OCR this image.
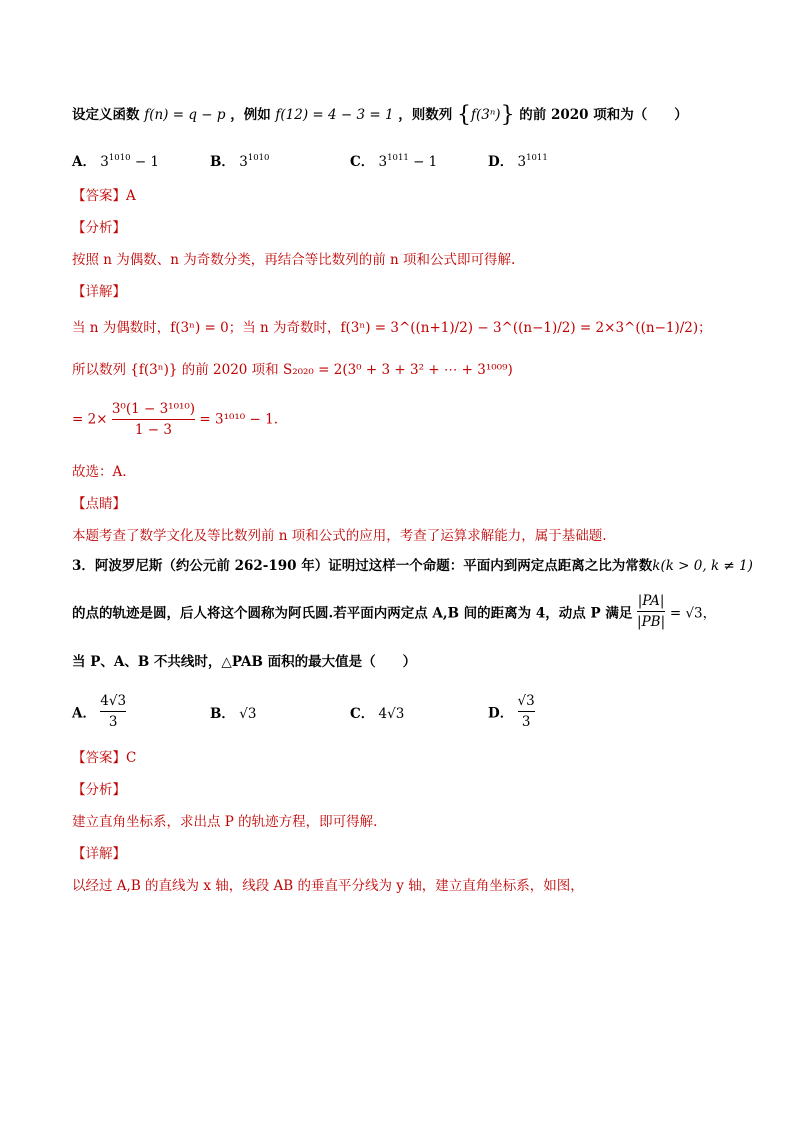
设定义函数 f(n) = q − p ，例如 f(12) = 4 − 3 = 1 ，则数列 {f(3ⁿ)} 的前 2020 项和为（　　）
A． $3^{1010} - 1$	B． $3^{1010}$	C． $3^{1011} - 1$	D． $3^{1011}$
【答案】A
【分析】
按照 n 为偶数、n 为奇数分类，再结合等比数列的前 n 项和公式即可得解.
【详解】
当 n 为偶数时，f(3ⁿ) = 0；当 n 为奇数时，f(3ⁿ) = 3^((n+1)/2) − 3^((n−1)/2) = 2×3^((n−1)/2)；
所以数列 {f(3ⁿ)} 的前 2020 项和 S₂₀₂₀ = 2(3⁰ + 3 + 3² + ⋯ + 3¹⁰⁰⁹)
= $2\times \frac{\text{3⁰(1 − 3¹⁰¹⁰)}}{1 - 3} = 3^{1010} - 1$.
故选：A.
【点睛】
本题考查了数学文化及等比数列前 n 项和公式的应用，考查了运算求解能力，属于基础题.
3．阿波罗尼斯（约公元前 262-190 年）证明过这样一个命题：平面内到两定点距离之比为常数k(k > 0, k ≠ 1)
的点的轨迹是圆，后人将这个圆称为阿氏圆.若平面内两定点 A,B 间的距离为 4，动点 P 满足 $\frac{|PA|}{|PB|} = √3$，
当 P、A、B 不共线时，△PAB 面积的最大值是（　　）
A． $\frac{4√3}{3}$	B． √3	C． 4√3	D． $\frac{√3}{3}$
【答案】C
【分析】
建立直角坐标系，求出点 P 的轨迹方程，即可得解.
【详解】
以经过 A,B 的直线为 x 轴，线段 AB 的垂直平分线为 y 轴，建立直角坐标系，如图，
